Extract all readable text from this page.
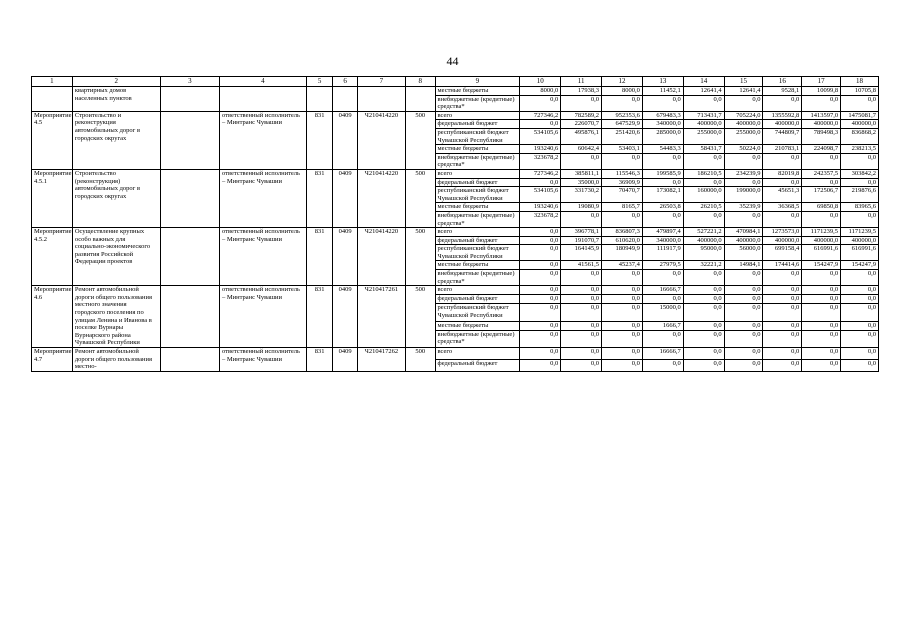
44
1	2	3	4	5	6	7	8	9	10	11	12	13	14	15	16	17	18
	квартирных домов населенных пунктов							местные бюджеты	8000,0	17938,3	8000,0	11452,1	12641,4	12641,4	9528,1	10099,8	10705,8
								внебюджетные (кредитные) средства*	0,0	0,0	0,0	0,0	0,0	0,0	0,0	0,0	0,0
Мероприятие 4.5	Строительство и реконструкция автомобильных дорог в городских округах		ответственный исполнитель – Минтранс Чувашии	831	0409	Ч210414220	500	всего	727346,2	782589,2	952353,6	679483,3	713431,7	705224,0	1355592,8	1413597,0	1475081,7
								федеральный бюджет	0,0	226070,7	647529,9	340000,0	400000,0	400000,0	400000,0	400000,0	400000,0
								республиканский бюджет Чувашской Республики	534105,6	495876,1	251420,6	285000,0	255000,0	255000,0	744809,7	789498,3	836868,2
								местные бюджеты	193240,6	60642,4	53403,1	54483,3	58431,7	50224,0	210783,1	224098,7	238213,5
								внебюджетные (кредитные) средства*	323678,2	0,0	0,0	0,0	0,0	0,0	0,0	0,0	0,0
Мероприятие 4.5.1	Строительство (реконструкция) автомобильных дорог в городских округах		ответственный исполнитель – Минтранс Чувашии	831	0409	Ч210414220	500	всего	727346,2	385811,1	115546,3	199585,9	186210,5	234239,9	82019,8	242357,5	303842,2
								федеральный бюджет	0,0	35000,0	36909,9	0,0	0,0	0,0	0,0	0,0	0,0
								республиканский бюджет Чувашской Республики	534105,6	331730,2	70470,7	173082,1	160000,0	199000,0	45651,3	172506,7	219876,6
								местные бюджеты	193240,6	19080,9	8165,7	26503,8	26210,5	35239,9	36368,5	69850,8	83965,6
								внебюджетные (кредитные) средства*	323678,2	0,0	0,0	0,0	0,0	0,0	0,0	0,0	0,0
Мероприятие 4.5.2	Осуществление крупных особо важных для социально-экономического развития Российской Федерации проектов		ответственный исполнитель – Минтранс Чувашии	831	0409	Ч210414220	500	всего	0,0	396778,1	836807,3	479897,4	527221,2	470984,1	1273573,0	1171239,5	1171239,5
								федеральный бюджет	0,0	191070,7	610620,0	340000,0	400000,0	400000,0	400000,0	400000,0	400000,0
								республиканский бюджет Чувашской Республики	0,0	164145,9	180949,9	111917,9	95000,0	56000,0	699158,4	616991,6	616991,6
								местные бюджеты	0,0	41561,5	45237,4	27979,5	32221,2	14984,1	174414,6	154247,9	154247,9
								внебюджетные (кредитные) средства*	0,0	0,0	0,0	0,0	0,0	0,0	0,0	0,0	0,0
Мероприятие 4.6	Ремонт автомобильной дороги общего пользования местного значения городского поселения по улицам Ленина и Иванова в поселке Вурнары Вурнарского района Чувашской Республики		ответственный исполнитель – Минтранс Чувашии	831	0409	Ч210417261	500	всего	0,0	0,0	0,0	16666,7	0,0	0,0	0,0	0,0	0,0
								федеральный бюджет	0,0	0,0	0,0	0,0	0,0	0,0	0,0	0,0	0,0
								республиканский бюджет Чувашской Республики	0,0	0,0	0,0	15000,0	0,0	0,0	0,0	0,0	0,0
								местные бюджеты	0,0	0,0	0,0	1666,7	0,0	0,0	0,0	0,0	0,0
								внебюджетные (кредитные) средства*	0,0	0,0	0,0	0,0	0,0	0,0	0,0	0,0	0,0
Мероприятие 4.7	Ремонт автомобильной дороги общего пользования местно-		ответственный исполнитель – Минтранс Чувашии	831	0409	Ч210417262	500	всего	0,0	0,0	0,0	16666,7	0,0	0,0	0,0	0,0	0,0
								федеральный бюджет	0,0	0,0	0,0	0,0	0,0	0,0	0,0	0,0	0,0
